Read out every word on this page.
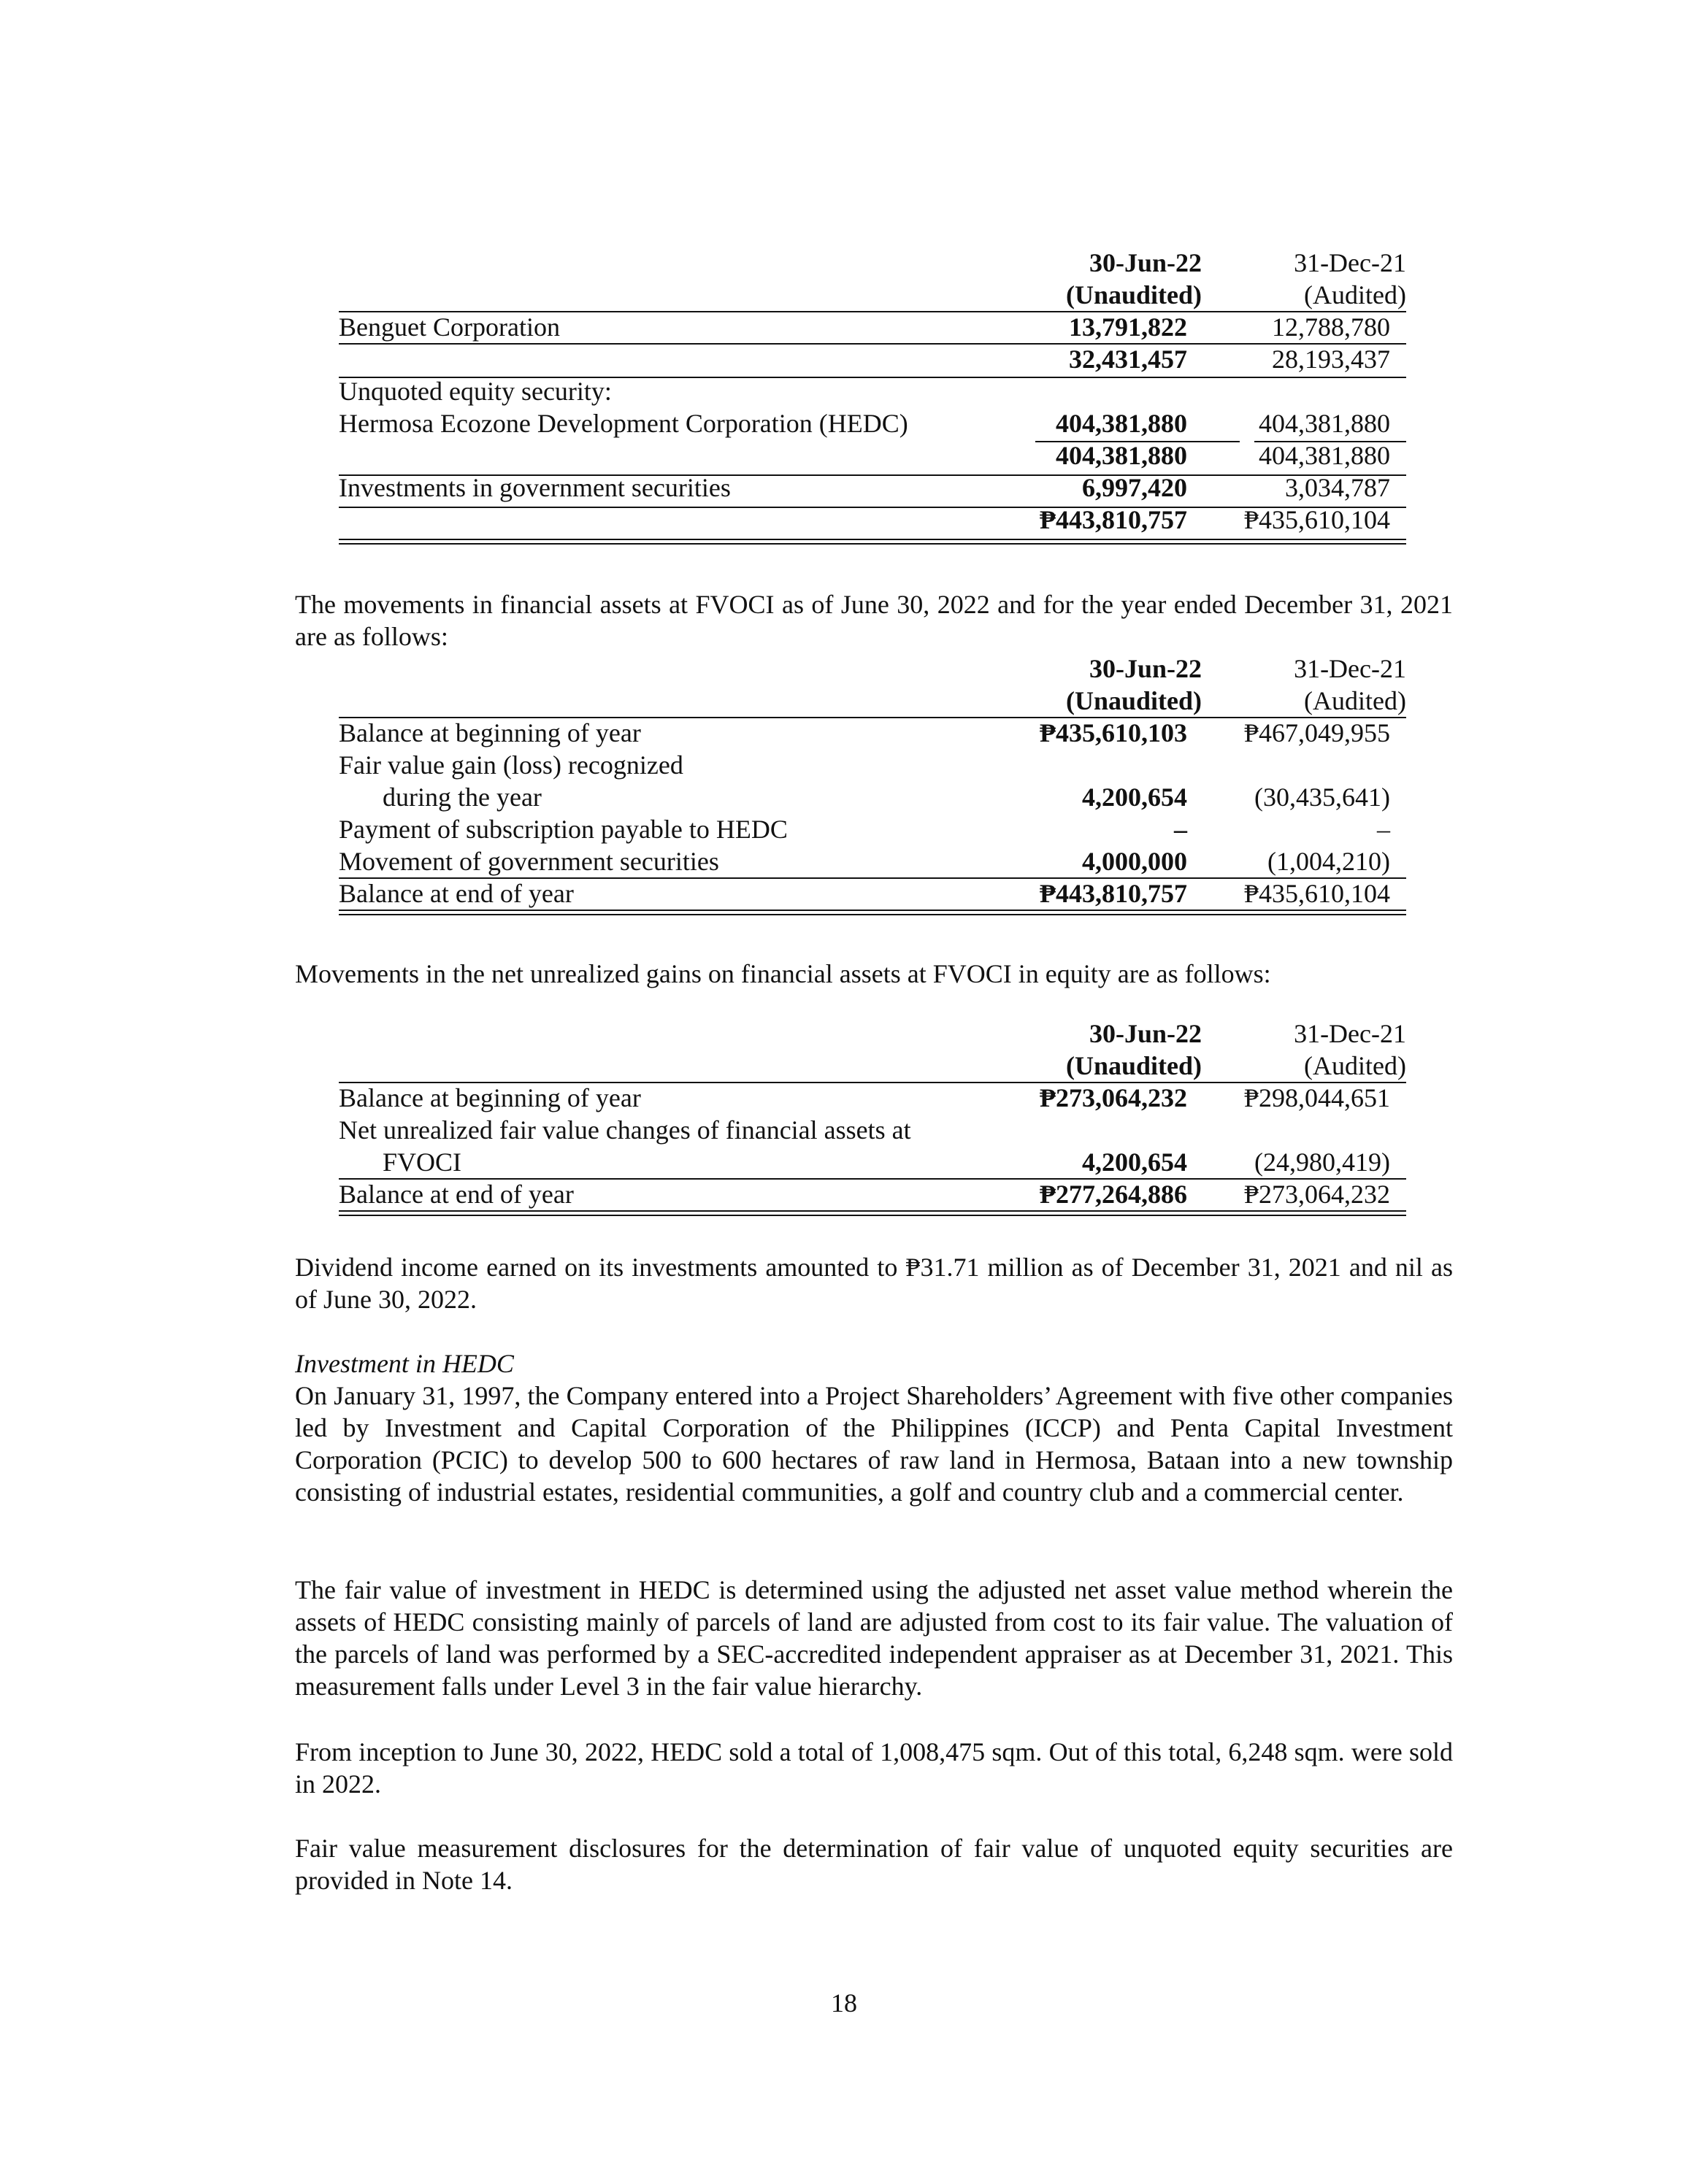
30-Jun-22	31-Dec-21
(Unaudited)	(Audited)
Benguet Corporation	13,791,822	12,788,780
32,431,457	28,193,437
Unquoted equity security:
Hermosa Ecozone Development Corporation (HEDC)	404,381,880	404,381,880
404,381,880	404,381,880
Investments in government securities	6,997,420	3,034,787
₱443,810,757	₱435,610,104
The movements in financial assets at FVOCI as of June 30, 2022 and for the year ended December 31, 2021 are as follows:
30-Jun-22	31-Dec-21
(Unaudited)	(Audited)
Balance at beginning of year	₱435,610,103	₱467,049,955
Fair value gain (loss) recognized
during the year	4,200,654	(30,435,641)
Payment of subscription payable to HEDC	–	–
Movement of government securities	4,000,000	(1,004,210)
Balance at end of year	₱443,810,757	₱435,610,104
Movements in the net unrealized gains on financial assets at FVOCI in equity are as follows:
30-Jun-22	31-Dec-21
(Unaudited)	(Audited)
Balance at beginning of year	₱273,064,232	₱298,044,651
Net unrealized fair value changes of financial assets at
FVOCI	4,200,654	(24,980,419)
Balance at end of year	₱277,264,886	₱273,064,232
Dividend income earned on its investments amounted to ₱31.71 million as of December 31, 2021 and nil as of June 30, 2022.
Investment in HEDC
On January 31, 1997, the Company entered into a Project Shareholders’ Agreement with five other companies led by Investment and Capital Corporation of the Philippines (ICCP) and Penta Capital Investment Corporation (PCIC) to develop 500 to 600 hectares of raw land in Hermosa, Bataan into a new township consisting of industrial estates, residential communities, a golf and country club and a commercial center.
The fair value of investment in HEDC is determined using the adjusted net asset value method wherein the assets of HEDC consisting mainly of parcels of land are adjusted from cost to its fair value. The valuation of the parcels of land was performed by a SEC-accredited independent appraiser as at December 31, 2021. This measurement falls under Level 3 in the fair value hierarchy.
From inception to June 30, 2022, HEDC sold a total of 1,008,475 sqm. Out of this total, 6,248 sqm. were sold in 2022.
Fair value measurement disclosures for the determination of fair value of unquoted equity securities are provided in Note 14.
18
